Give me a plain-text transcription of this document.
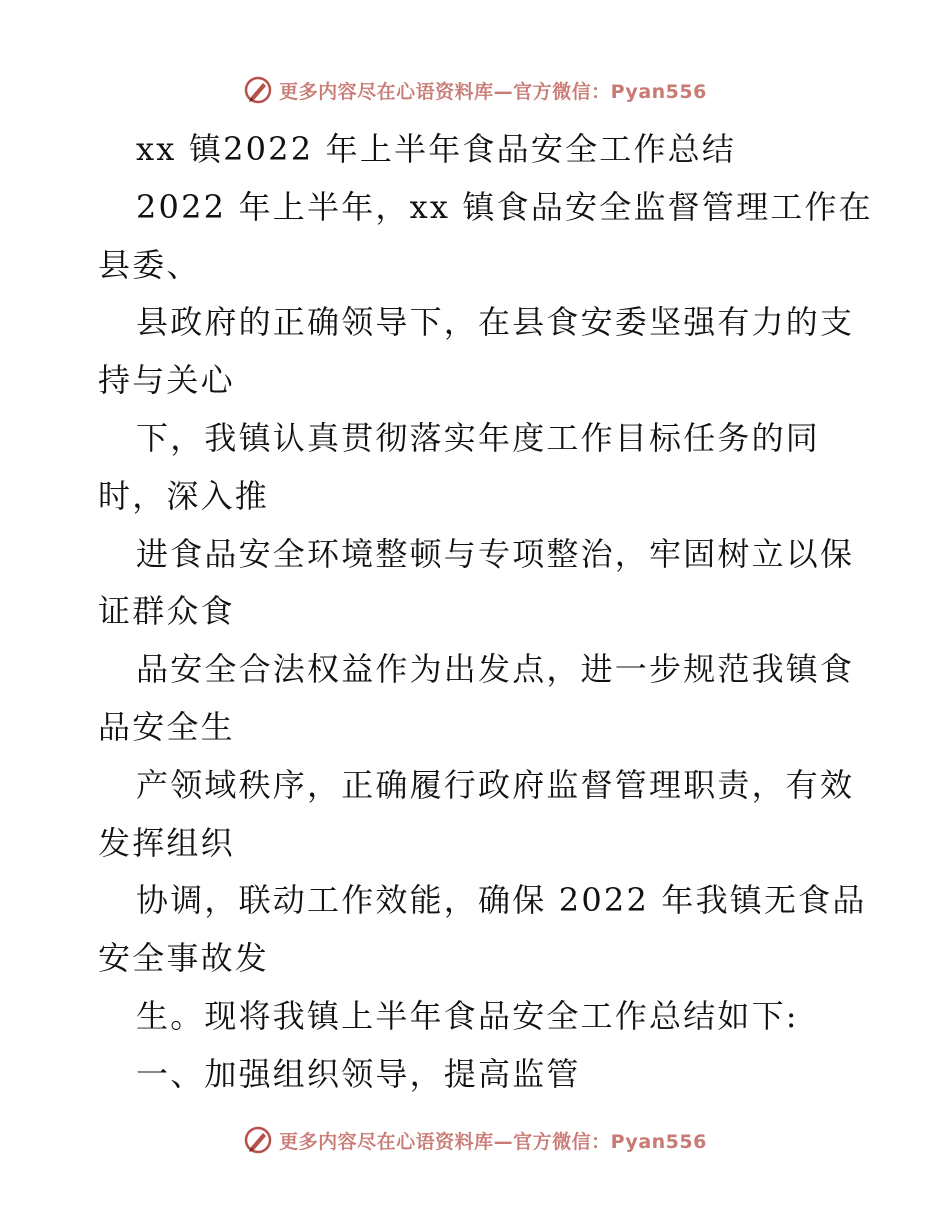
更多内容尽在心语资料库—官方微信：Pyan556
xx 镇2022 年上半年食品安全工作总结
2022 年上半年，xx 镇食品安全监督管理工作在
县委、
县政府的正确领导下，在县食安委坚强有力的支
持与关心
下，我镇认真贯彻落实年度工作目标任务的同
时，深入推
进食品安全环境整顿与专项整治，牢固树立以保
证群众食
品安全合法权益作为出发点，进一步规范我镇食
品安全生
产领域秩序，正确履行政府监督管理职责，有效
发挥组织
协调，联动工作效能，确保 2022 年我镇无食品
安全事故发
生。现将我镇上半年食品安全工作总结如下:
一、加强组织领导，提高监管
更多内容尽在心语资料库—官方微信：Pyan556
